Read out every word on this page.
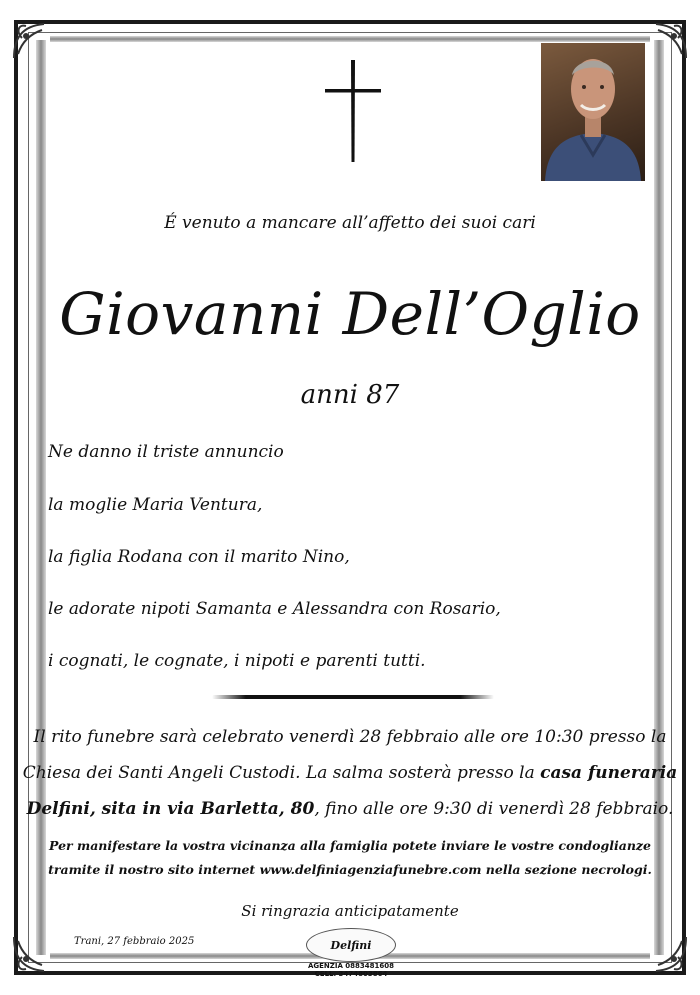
É venuto a mancare all’affetto dei suoi cari
Giovanni Dell’Oglio
anni 87
Ne danno il triste annuncio
la moglie Maria Ventura,
la figlia Rodana con il marito Nino,
le adorate nipoti Samanta e Alessandra con Rosario,
i cognati, le cognate, i nipoti e parenti tutti.
Il rito funebre sarà celebrato venerdì 28 febbraio alle ore 10:30 presso la
Chiesa dei Santi Angeli Custodi. La salma sosterà presso la casa funeraria
Delfini, sita in via Barletta, 80, fino alle ore 9:30 di venerdì 28 febbraio.
Per manifestare la vostra vicinanza alla famiglia potete inviare le vostre condoglianze
tramite il nostro sito internet www.delfiniagenziafunebre.com nella sezione necrologi.
Si ringrazia anticipatamente
Trani, 27 febbraio 2025	Delfini
AGENZIA 0883481608
CELL. 3474803864
